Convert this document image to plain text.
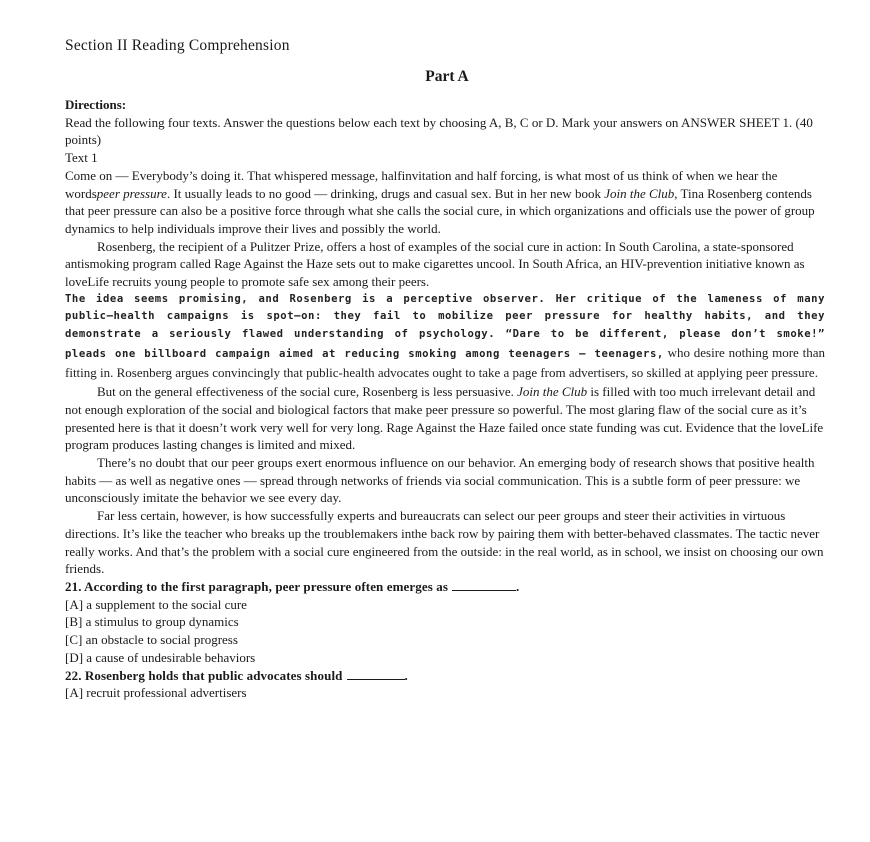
Section II Reading Comprehension
Part A

Directions:

Read the following four texts. Answer the questions below each text by choosing A, B, C or D. Mark your answers on ANSWER SHEET 1. (40 points)

Text 1

Come on — Everybody’s doing it. That whispered message, halfinvitation and half forcing, is what most of us think of when we hear the wordspeer pressure. It usually leads to no good — drinking, drugs and casual sex. But in her new book Join the Club, Tina Rosenberg contends that peer pressure can also be a positive force through what she calls the social cure, in which organizations and officials use the power of group dynamics to help individuals improve their lives and possibly the world.

Rosenberg, the recipient of a Pulitzer Prize, offers a host of examples of the social cure in action: In South Carolina, a state-sponsored antismoking program called Rage Against the Haze sets out to make cigarettes uncool. In South Africa, an HIV-prevention initiative known as loveLife recruits young people to promote safe sex among their peers.

The idea seems promising, and Rosenberg is a perceptive observer. Her critique of the lameness of many public—health campaigns is spot—on: they fail to mobilize peer pressure for healthy habits, and they demonstrate a seriously flawed understanding of psychology. “Dare to be different, please don’t smoke!” pleads one billboard campaign aimed at reducing smoking among teenagers — teenagers, who desire nothing more than fitting in. Rosenberg argues convincingly that public-health advocates ought to take a page from advertisers, so skilled at applying peer pressure.

But on the general effectiveness of the social cure, Rosenberg is less persuasive. Join the Club is filled with too much irrelevant detail and not enough exploration of the social and biological factors that make peer pressure so powerful. The most glaring flaw of the social cure as it’s presented here is that it doesn’t work very well for very long. Rage Against the Haze failed once state funding was cut. Evidence that the loveLife program produces lasting changes is limited and mixed.

There’s no doubt that our peer groups exert enormous influence on our behavior. An emerging body of research shows that positive health habits — as well as negative ones — spread through networks of friends via social communication. This is a subtle form of peer pressure: we unconsciously imitate the behavior we see every day.

Far less certain, however, is how successfully experts and bureaucrats can select our peer groups and steer their activities in virtuous directions. It’s like the teacher who breaks up the troublemakers inthe back row by pairing them with better-behaved classmates. The tactic never really works. And that’s the problem with a social cure engineered from the outside: in the real world, as in school, we insist on choosing our own friends.

21. According to the first paragraph, peer pressure often emerges as	.

[A] a supplement to the social cure

[B] a stimulus to group dynamics

[C] an obstacle to social progress

[D] a cause of undesirable behaviors

22. Rosenberg holds that public advocates should	.

[A] recruit professional advertisers
